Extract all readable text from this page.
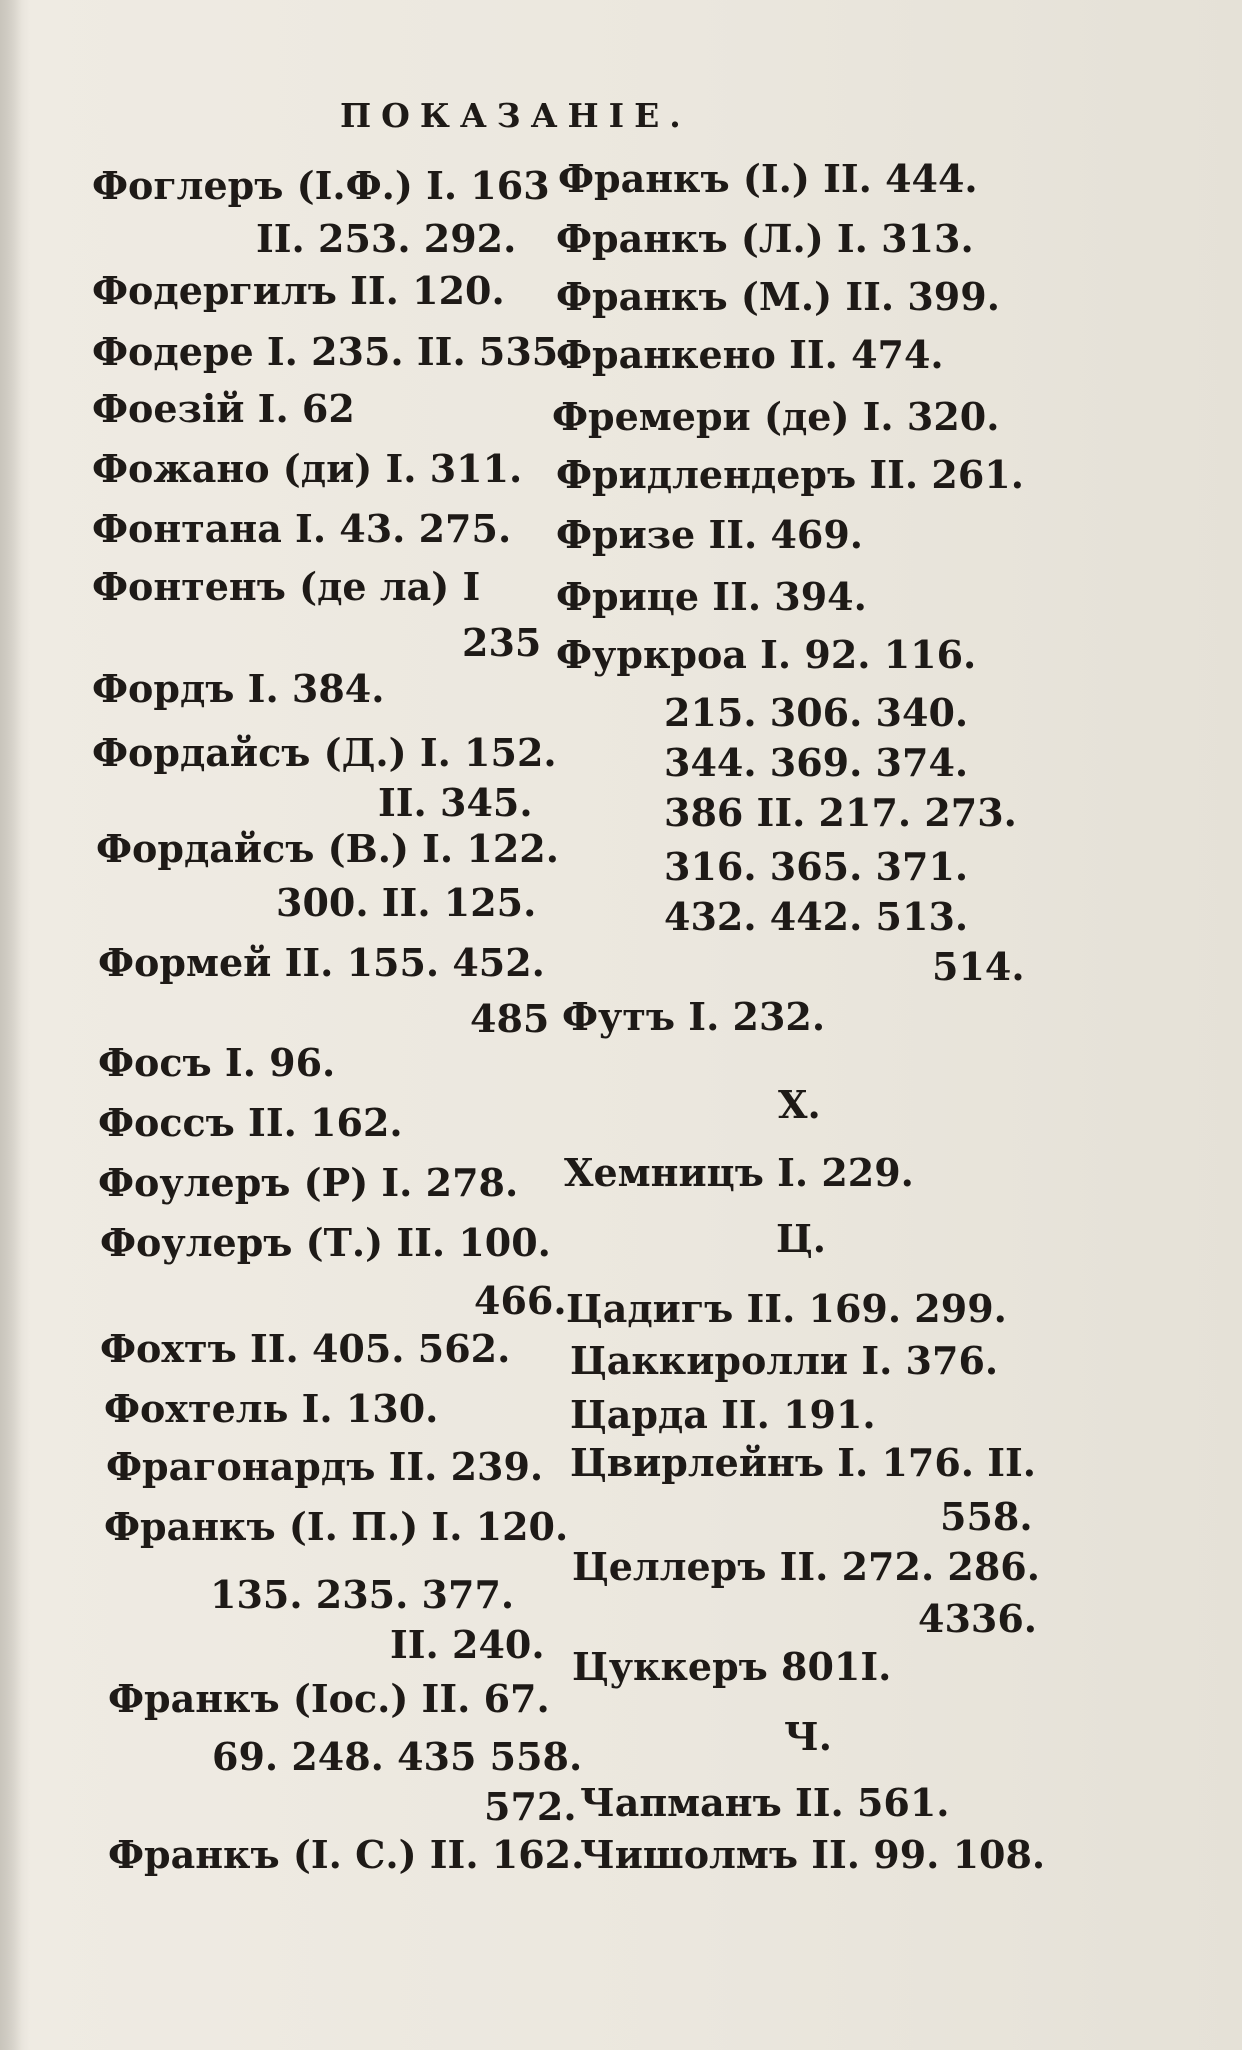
ПОКАЗАНІЕ.
Фоглеръ (І.Ф.) І. 163
ІІ. 253. 292.
Фодергилъ ІІ. 120.
Фодере І. 235. ІІ. 535.
Фоезій І. 62
Фожано (ди) І. 311.
Фонтана І. 43. 275.
Фонтенъ (де ла) І
235
Фордъ І. 384.
Фордайсъ (Д.) І. 152.
ІІ. 345.
Фордайсъ (В.) І. 122.
300. ІІ. 125.
Формей ІІ. 155. 452.
485
Фосъ І. 96.
Фоссъ ІІ. 162.
Фоулеръ (Р) І. 278.
Фоулеръ (Т.) ІІ. 100.
466.
Фохтъ ІІ. 405. 562.
Фохтель І. 130.
Фрагонардъ ІІ. 239.
Франкъ (І. П.) І. 120.
135. 235. 377.
ІІ. 240.
Франкъ (Іос.) ІІ. 67.
69. 248. 435 558.
572.
Франкъ (І. С.) ІІ. 162.
Франкъ (І.) ІІ. 444.
Франкъ (Л.) І. 313.
Франкъ (М.) ІІ. 399.
Франкено ІІ. 474.
Фремери (де) І. 320.
Фридлендеръ ІІ. 261.
Фризе ІІ. 469.
Фрице ІІ. 394.
Фуркроа І. 92. 116.
215. 306. 340.
344. 369. 374.
386 ІІ. 217. 273.
316. 365. 371.
432. 442. 513.
514.
Футъ І. 232.
Х.
Хемницъ І. 229.
Ц.
Цадигъ ІІ. 169. 299.
Цаккиролли І. 376.
Царда ІІ. 191.
Цвирлейнъ І. 176. ІІ.
558.
Целлеръ ІІ. 272. 286.
4336.
Цуккеръ 801І.
Ч.
Чапманъ ІІ. 561.
Чишолмъ ІІ. 99. 108.
